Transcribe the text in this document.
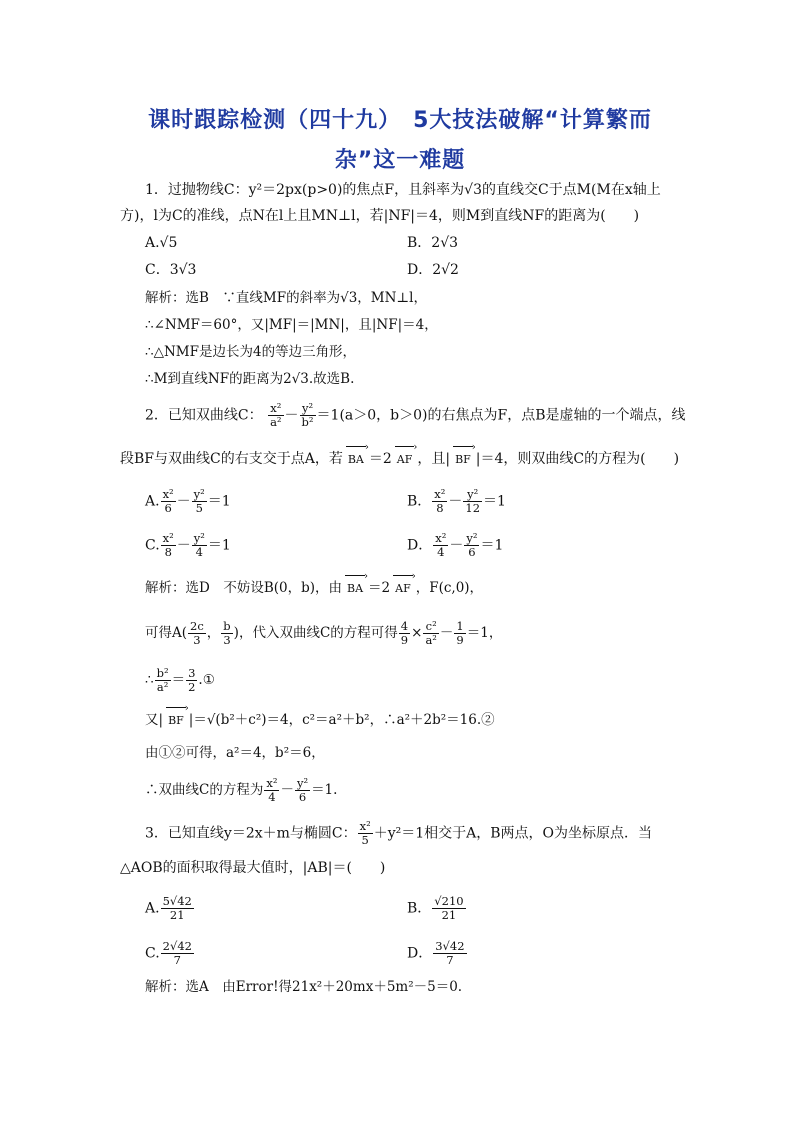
课时跟踪检测（四十九）　5大技法破解“计算繁而
杂”这一难题
1．过抛物线C：y²＝2px(p>0)的焦点F，且斜率为√3的直线交C于点M(M在x轴上
方)，l为C的准线，点N在l上且MN⊥l，若|NF|＝4，则M到直线NF的距离为(　　)
A.√5	B．2√3
C．3√3	D．2√2
解析：选B　∵直线MF的斜率为√3，MN⊥l，
∴∠NMF＝60°，又|MF|＝|MN|，且|NF|＝4，
∴△NMF是边长为4的等边三角形，
∴M到直线NF的距离为2√3.故选B.
2．已知双曲线C： $\frac{\text{x²}}{\text{a²}} - \frac{\text{y²}}{\text{b²}} =1(a>0$，b＞0)的右焦点为F，点B是虚轴的一个端点，线
段BF与双曲线C的右支交于点A，若 BA › ＝2 AF › ，且| BF › |＝4，则双曲线C的方程为(　　)
A. $\frac{\text{x²}}{6} - \frac{\text{y²}}{5} =1$	B． $\frac{\text{x²}}{8} - \frac{\text{y²}}{12} =1$
C. $\frac{\text{x²}}{8} - \frac{\text{y²}}{4} =1$	D． $\frac{\text{x²}}{4} - \frac{\text{y²}}{6} =1$
解析：选D　不妨设B(0，b)，由 BA › ＝2 AF › ，F(c,0)，
可得$A( \frac{2c}{3}$ ， $\frac{b}{3}$ )，代入双曲线C的方程可得 $\frac{4}{9} \times \frac{\text{c²}}{\text{a²}} - \frac{1}{9} =1$，
∴ $\frac{\text{b²}}{\text{a²}} = \frac{3}{2}$ .①
又| BF › |＝√(b²＋c²)＝4，c²＝a²＋b²，∴a²＋2b²＝16.②
由①②可得，a²＝4，b²＝6，
∴双曲线C的方程为 $\frac{\text{x²}}{4} - \frac{\text{y²}}{6} =1$.
3．已知直线y＝2x＋m与椭圆C： $\frac{\text{x²}}{5} +y^2=1$相交于A，B两点，O为坐标原点．当
△AOB的面积取得最大值时，|AB|＝(　　)
A. $\frac{5√42}{21}$	B． $\frac{√210}{21}$
C. $\frac{2√42}{7}$	D． $\frac{3√42}{7}$
解析：选A　由Error!得21x²＋20mx＋5m²－5＝0.
